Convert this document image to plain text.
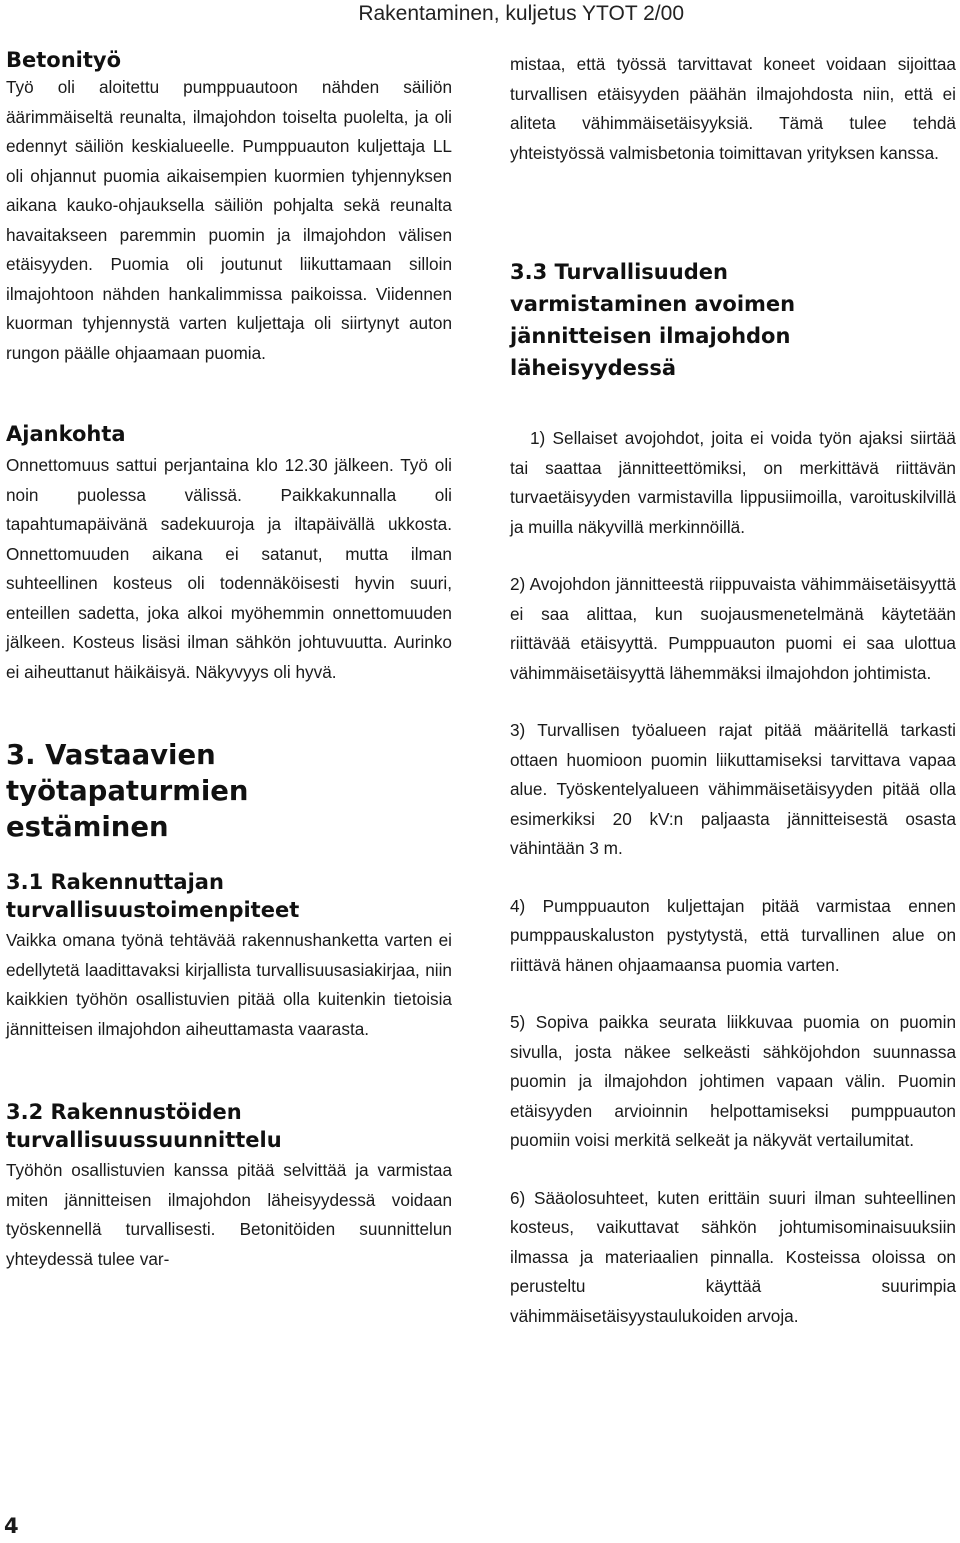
Rakentaminen, kuljetus YTOT 2/00
Betonityö

Työ oli aloitettu pumppuautoon nähden säiliön äärimmäiseltä reunalta, ilmajohdon toiselta puolelta, ja oli edennyt säiliön keskialueelle. Pumppuauton kuljettaja LL oli ohjannut puomia aikaisempien kuormien tyhjennyksen aikana kauko-ohjauksella säiliön pohjalta sekä reunalta havaitakseen paremmin puomin ja ilmajohdon välisen etäisyyden. Puomia oli joutunut liikuttamaan silloin ilmajohtoon nähden hankalimmissa paikoissa. Viidennen kuorman tyhjennystä varten kuljettaja oli siirtynyt auton rungon päälle ohjaamaan puomia.

Ajankohta

Onnettomuus sattui perjantaina klo 12.30 jälkeen. Työ oli noin puolessa välissä. Paikkakunnalla oli tapahtumapäivänä sadekuuroja ja iltapäivällä ukkosta. Onnettomuuden aikana ei satanut, mutta ilman suhteellinen kosteus oli todennäköisesti hyvin suuri, enteillen sadetta, joka alkoi myöhemmin onnettomuuden jälkeen. Kosteus lisäsi ilman sähkön johtuvuutta. Aurinko ei aiheuttanut häikäisyä. Näkyvyys oli hyvä.

3. Vastaavien työtapaturmien estäminen
3.1 Rakennuttajan turvallisuustoimenpiteet

Vaikka omana työnä tehtävää rakennushanketta varten ei edellytetä laadittavaksi kirjallista turvallisuusasiakirjaa, niin kaikkien työhön osallistuvien pitää olla kuitenkin tietoisia jännitteisen ilmajohdon aiheuttamasta vaarasta.

3.2 Rakennustöiden turvallisuussuunnittelu

Työhön osallistuvien kanssa pitää selvittää ja varmistaa miten jännitteisen ilmajohdon läheisyydessä voidaan työskennellä turvallisesti. Betonitöiden suunnittelun yhteydessä tulee var-

mistaa, että työssä tarvittavat koneet voidaan sijoittaa turvallisen etäisyyden päähän ilmajohdosta niin, että ei aliteta vähimmäisetäisyyksiä. Tämä tulee tehdä yhteistyössä valmisbetonia toimittavan yrityksen kanssa.

3.3 Turvallisuuden varmistaminen avoimen jännitteisen ilmajohdon läheisyydessä

1) Sellaiset avojohdot, joita ei voida työn ajaksi siirtää tai saattaa jännitteettömiksi, on merkittävä riittävän turvaetäisyyden varmistavilla lippusiimoilla, varoituskilvillä ja muilla näkyvillä merkinnöillä.

2) Avojohdon jännitteestä riippuvaista vähimmäisetäisyyttä ei saa alittaa, kun suojausmenetelmänä käytetään riittävää etäisyyttä. Pumppuauton puomi ei saa ulottua vähimmäisetäisyyttä lähemmäksi ilmajohdon johtimista.

3) Turvallisen työalueen rajat pitää määritellä tarkasti ottaen huomioon puomin liikuttamiseksi tarvittava vapaa alue. Työskentelyalueen vähimmäisetäisyyden pitää olla esimerkiksi 20 kV:n paljaasta jännitteisestä osasta vähintään 3 m.

4) Pumppuauton kuljettajan pitää varmistaa ennen pumppauskaluston pystytystä, että turvallinen alue on riittävä hänen ohjaamaansa puomia varten.

5) Sopiva paikka seurata liikkuvaa puomia on puomin sivulla, josta näkee selkeästi sähköjohdon suunnassa puomin ja ilmajohdon johtimen vapaan välin. Puomin etäisyyden arvioinnin helpottamiseksi pumppuauton puomiin voisi merkitä selkeät ja näkyvät vertailumitat.

6) Sääolosuhteet, kuten erittäin suuri ilman suhteellinen kosteus, vaikuttavat sähkön johtumisominaisuuksiin ilmassa ja materiaalien pinnalla. Kosteissa oloissa on perusteltu käyttää suurimpia vähimmäisetäisyystaulukoiden arvoja.

4
